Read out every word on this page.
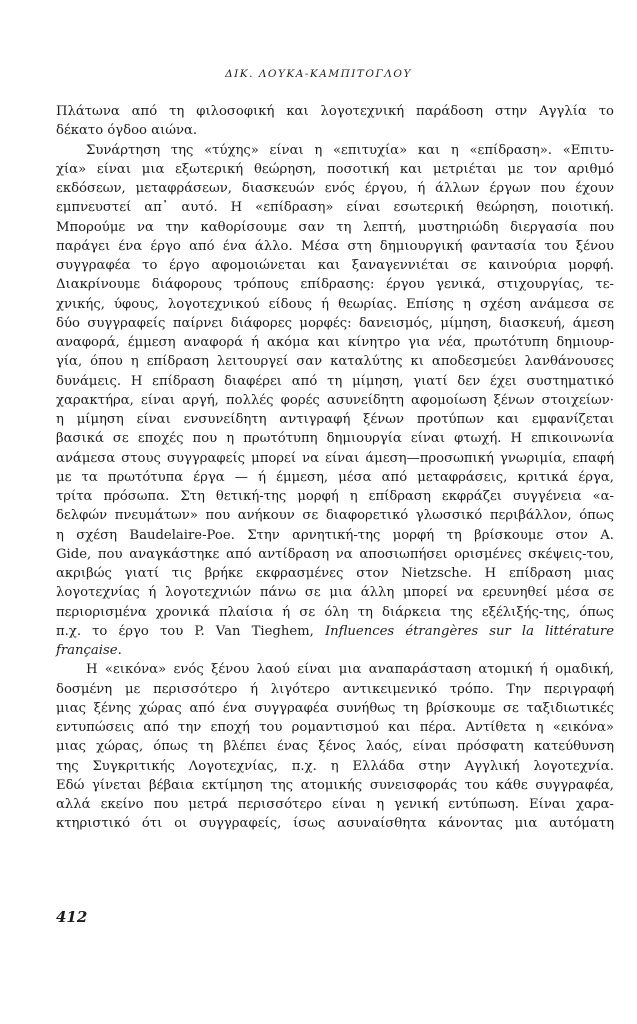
ΔΙΚ. ΛΟΥΚΑ-ΚΑΜΠΙΤΟΓΛΟΥ

Πλάτωνα από τη φιλοσοφική και λογοτεχνική παράδοση στην Αγγλία το
δέκατο όγδοο αιώνα.

Συνάρτηση της «τύχης» είναι η «επιτυχία» και η «επίδραση». «Επιτυ-
χία» είναι μια εξωτερική θεώρηση, ποσοτική και μετριέται με τον αριθμό
εκδόσεων, μεταφράσεων, διασκευών ενός έργου, ή άλλων έργων που έχουν
εμπνευστεί απ᾽ αυτό. Η «επίδραση» είναι εσωτερική θεώρηση, ποιοτική.
Μπορούμε να την καθορίσουμε σαν τη λεπτή, μυστηριώδη διεργασία που
παράγει ένα έργο από ένα άλλο. Μέσα στη δημιουργική φαντασία του ξένου
συγγραφέα το έργο αφομοιώνεται και ξαναγεννιέται σε καινούρια μορφή.
Διακρίνουμε διάφορους τρόπους επίδρασης: έργου γενικά, στιχουργίας, τε-
χνικής, ύφους, λογοτεχνικού είδους ή θεωρίας. Επίσης η σχέση ανάμεσα σε
δύο συγγραφείς παίρνει διάφορες μορφές: δανεισμός, μίμηση, διασκευή, άμεση
αναφορά, έμμεση αναφορά ή ακόμα και κίνητρο για νέα, πρωτότυπη δημιουρ-
γία, όπου η επίδραση λειτουργεί σαν καταλύτης κι αποδεσμεύει λανθάνουσες
δυνάμεις. Η επίδραση διαφέρει από τη μίμηση, γιατί δεν έχει συστηματικό
χαρακτήρα, είναι αργή, πολλές φορές ασυνείδητη αφομοίωση ξένων στοιχείων·
η μίμηση είναι ενσυνείδητη αντιγραφή ξένων προτύπων και εμφανίζεται
βασικά σε εποχές που η πρωτότυπη δημιουργία είναι φτωχή. Η επικοινωνία
ανάμεσα στους συγγραφείς μπορεί να είναι άμεση—προσωπική γνωριμία, επαφή
με τα πρωτότυπα έργα — ή έμμεση, μέσα από μεταφράσεις, κριτικά έργα,
τρίτα πρόσωπα. Στη θετική-της μορφή η επίδραση εκφράζει συγγένεια «α-
δελφών πνευμάτων» που ανήκουν σε διαφορετικό γλωσσικό περιβάλλον, όπως
η σχέση Baudelaire-Poe. Στην αρνητική-της μορφή τη βρίσκουμε στον A.
Gide, που αναγκάστηκε από αντίδραση να αποσιωπήσει ορισμένες σκέψεις-του,
ακριβώς γιατί τις βρήκε εκφρασμένες στον Nietzsche. Η επίδραση μιας
λογοτεχνίας ή λογοτεχνιών πάνω σε μια άλλη μπορεί να ερευνηθεί μέσα σε
περιορισμένα χρονικά πλαίσια ή σε όλη τη διάρκεια της εξέλιξής-της, όπως
π.χ. το έργο του P. Van Tieghem, Influences étrangères sur la littérature
française.

Η «εικόνα» ενός ξένου λαού είναι μια αναπαράσταση ατομική ή ομαδική,
δοσμένη με περισσότερο ή λιγότερο αντικειμενικό τρόπο. Την περιγραφή
μιας ξένης χώρας από ένα συγγραφέα συνήθως τη βρίσκουμε σε ταξιδιωτικές
εντυπώσεις από την εποχή του ρομαντισμού και πέρα. Αντίθετα η «εικόνα»
μιας χώρας, όπως τη βλέπει ένας ξένος λαός, είναι πρόσφατη κατεύθυνση
της Συγκριτικής Λογοτεχνίας, π.χ. η Ελλάδα στην Αγγλική λογοτεχνία.
Εδώ γίνεται βέβαια εκτίμηση της ατομικής συνεισφοράς του κάθε συγγραφέα,
αλλά εκείνο που μετρά περισσότερο είναι η γενική εντύπωση. Είναι χαρα-
κτηριστικό ότι οι συγγραφείς, ίσως ασυναίσθητα κάνοντας μια αυτόματη

412
